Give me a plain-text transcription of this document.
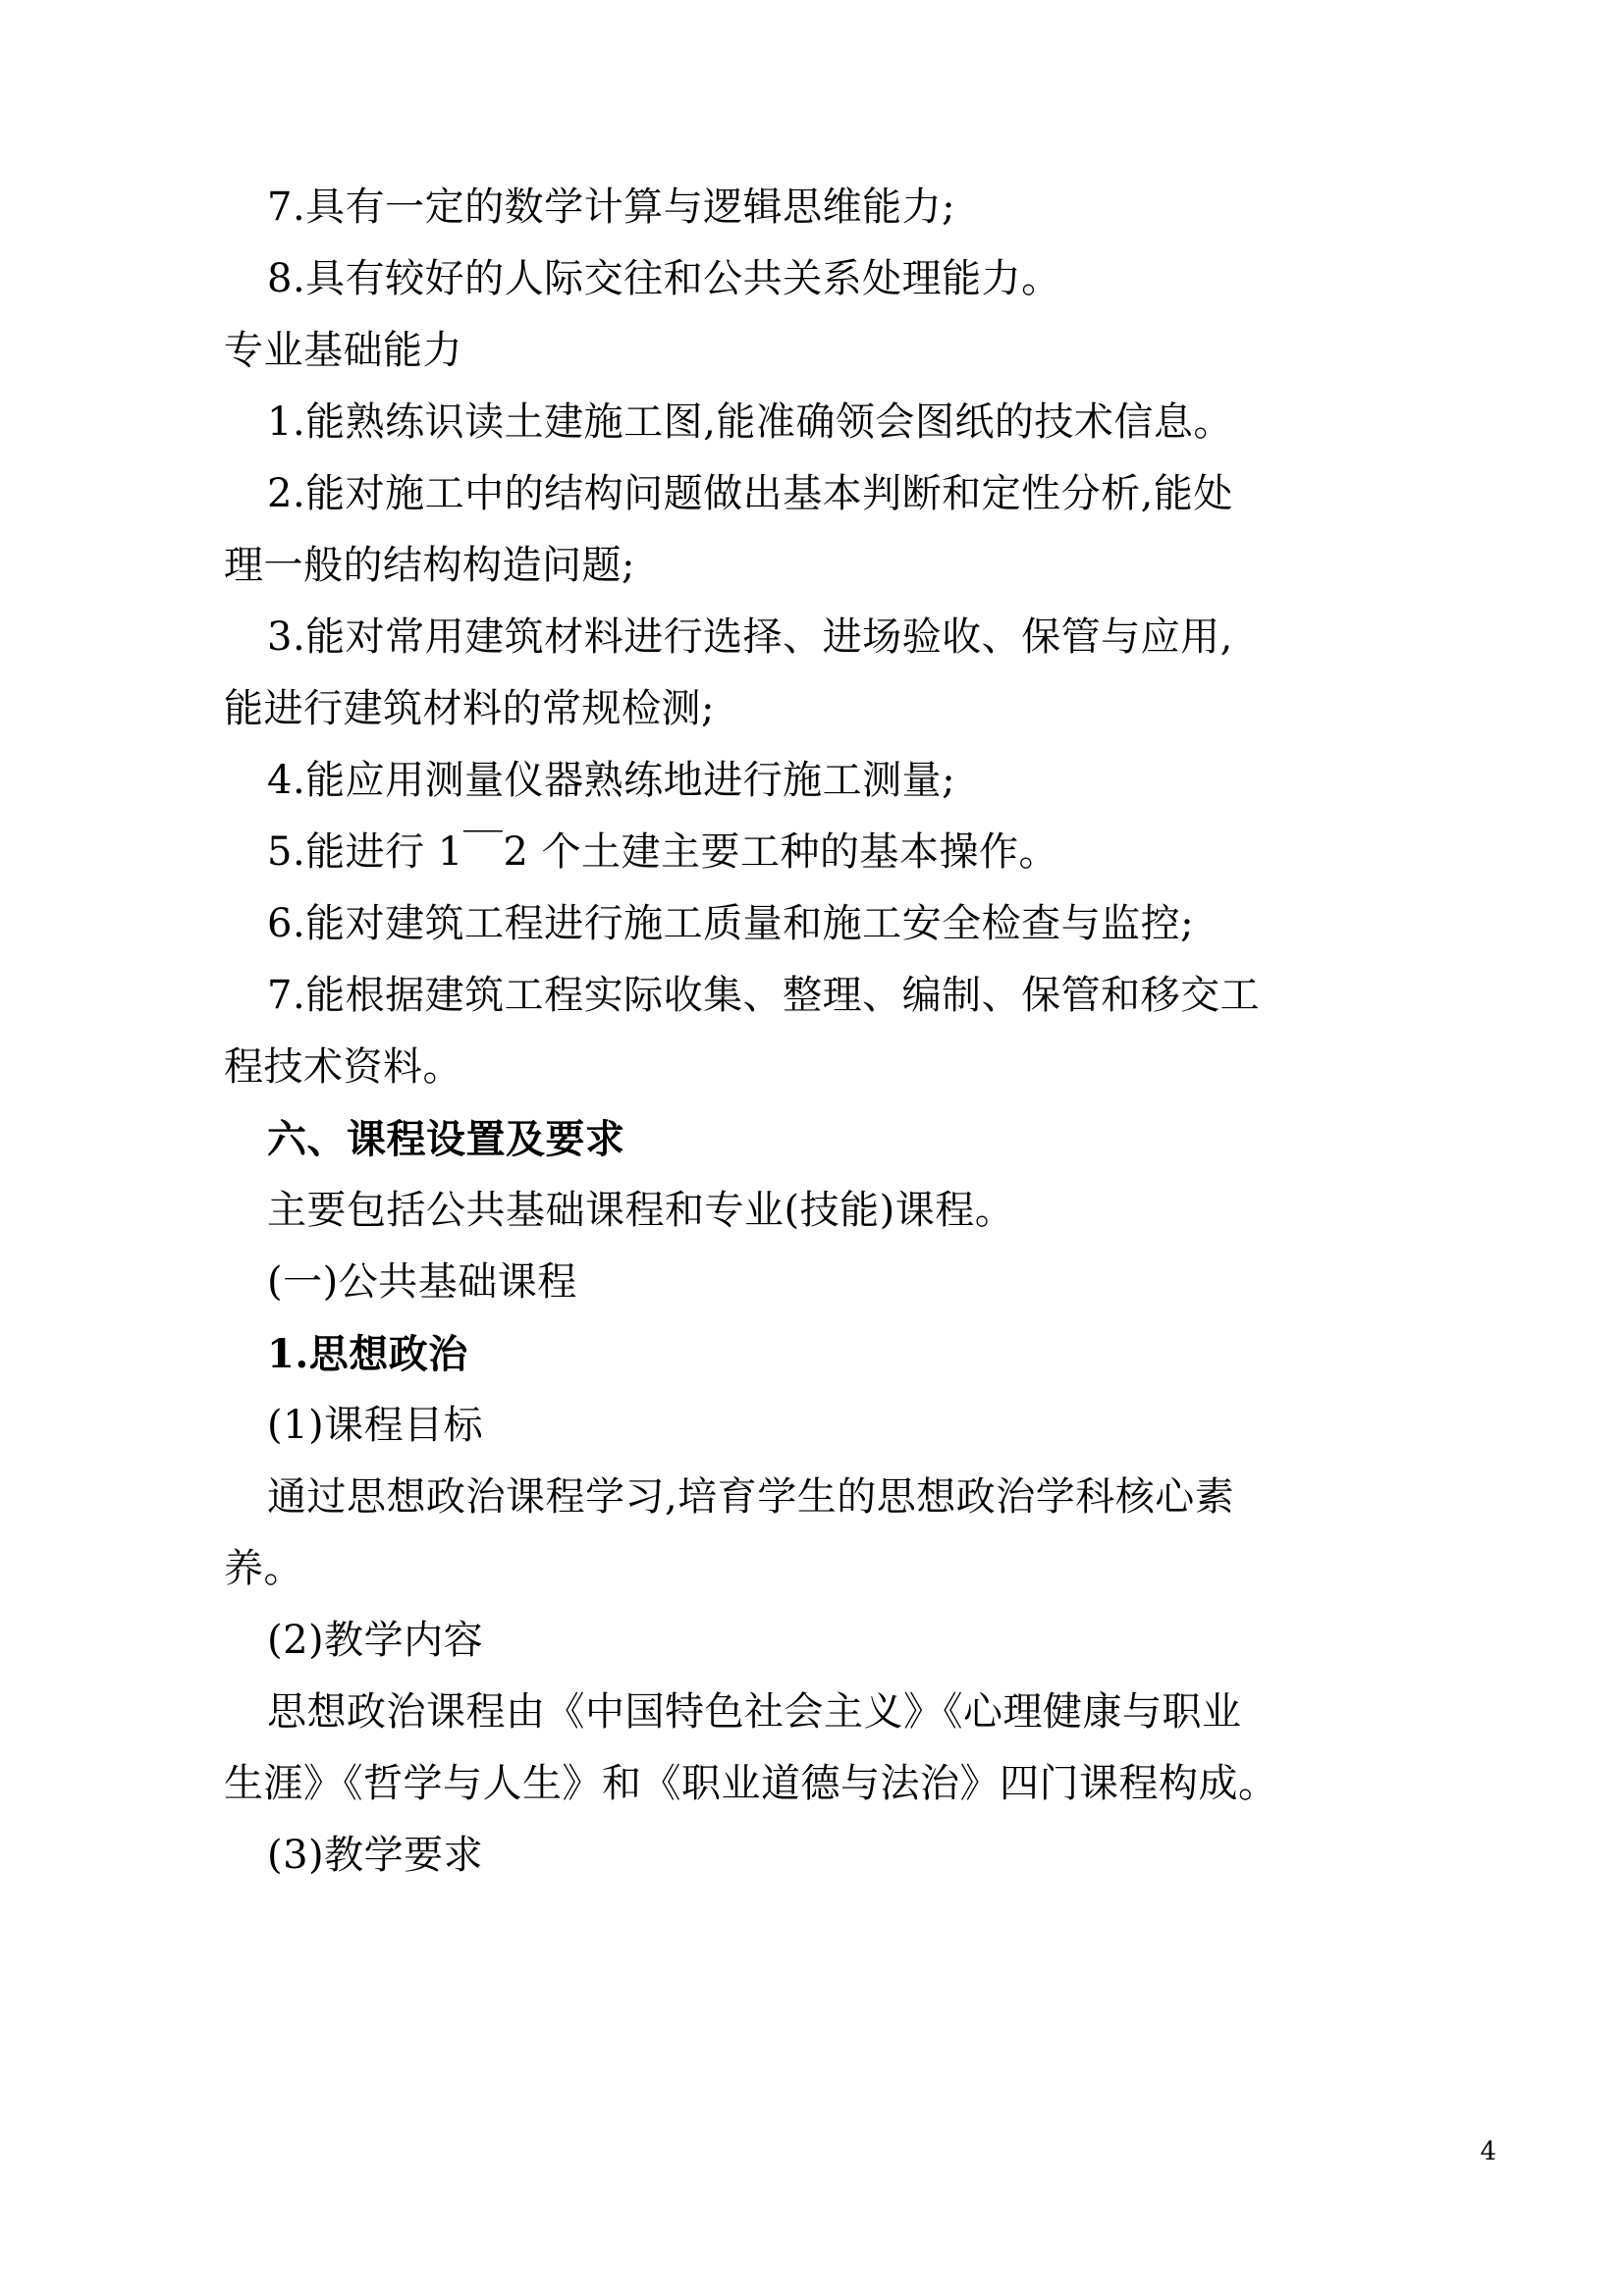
7.具有一定的数学计算与逻辑思维能力;
8.具有较好的人际交往和公共关系处理能力。
专业基础能力
1.能熟练识读土建施工图,能准确领会图纸的技术信息。
2.能对施工中的结构问题做出基本判断和定性分析,能处
理一般的结构构造问题;
3.能对常用建筑材料进行选择、进场验收、保管与应用,
能进行建筑材料的常规检测;
4.能应用测量仪器熟练地进行施工测量;
5.能进行 1￣2 个土建主要工种的基本操作。
6.能对建筑工程进行施工质量和施工安全检查与监控;
7.能根据建筑工程实际收集、整理、编制、保管和移交工
程技术资料。
六、课程设置及要求
主要包括公共基础课程和专业(技能)课程。
(一)公共基础课程
1.思想政治
(1)课程目标
通过思想政治课程学习,培育学生的思想政治学科核心素
养。
(2)教学内容
思想政治课程由《中国特色社会主义》《心理健康与职业
生涯》《哲学与人生》和《职业道德与法治》四门课程构成。
(3)教学要求
4
